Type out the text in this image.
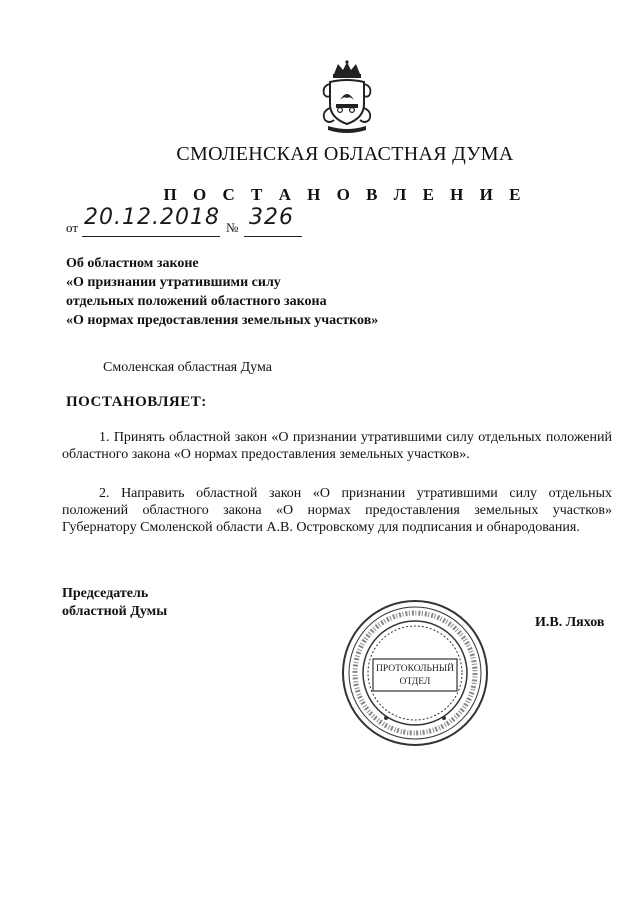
СМОЛЕНСКАЯ ОБЛАСТНАЯ ДУМА
П О С Т А Н О В Л Е Н И Е
от 20.12.2018 № 326
Об областном законе
«О признании утратившими силу
отдельных положений областного закона
«О нормах предоставления земельных участков»
Смоленская областная Дума
ПОСТАНОВЛЯЕТ:
1. Принять областной закон «О признании утратившими силу отдельных положений областного закона «О нормах предоставления земельных участков».
2. Направить областной закон «О признании утратившими силу отдельных положений областного закона «О нормах предоставления земельных участков» Губернатору Смоленской области А.В. Островскому для подписания и обнародования.
Председатель
областной Думы
И.В. Ляхов
ПРОТОКОЛЬНЫЙ
ОТДЕЛ
